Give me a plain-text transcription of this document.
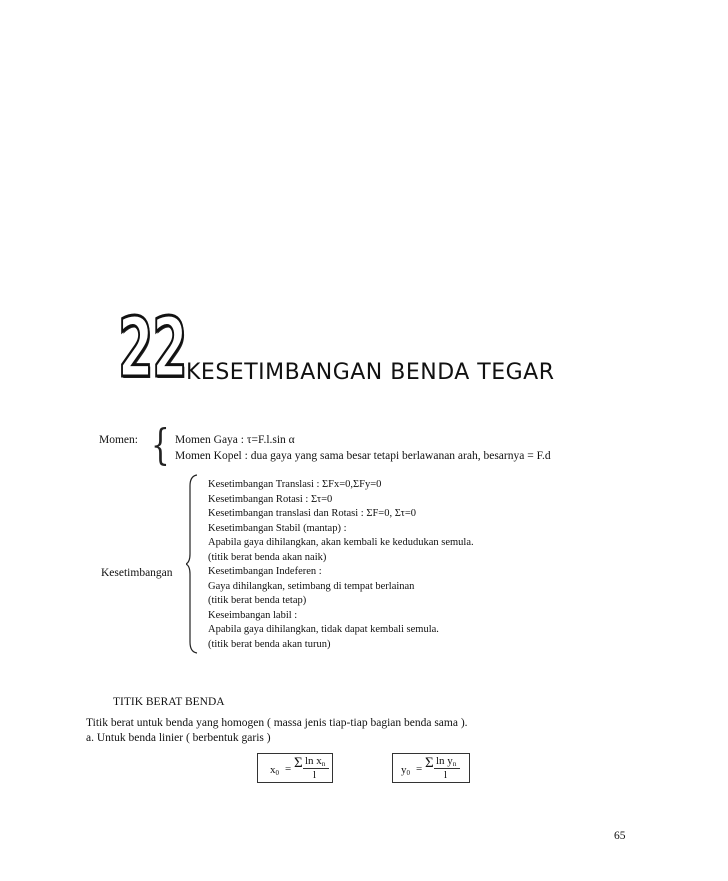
22 KESETIMBANGAN BENDA TEGAR
Momen: { Momen Gaya : τ=F.l.sin α
Momen Kopel : dua gaya yang sama besar tetapi berlawanan arah, besarnya = F.d
Kesetimbangan
Kesetimbangan Translasi : ΣFx=0,ΣFy=0
Kesetimbangan Rotasi : Στ=0
Kesetimbangan translasi dan Rotasi : ΣF=0, Στ=0
Kesetimbangan Stabil (mantap) :
Apabila gaya dihilangkan, akan kembali ke kedudukan semula.
(titik berat benda akan naik)
Kesetimbangan Indeferen :
Gaya dihilangkan, setimbang di tempat berlainan
(titik berat benda tetap)
Keseimbangan labil :
Apabila gaya dihilangkan, tidak dapat kembali semula.
(titik berat benda akan turun)
TITIK BERAT BENDA
Titik berat untuk benda yang homogen ( massa jenis tiap-tiap bagian benda sama ).
a. Untuk benda linier ( berbentuk garis )
$x_0 = \Sigma$ $\ln x_n$
l	$y_0 = \Sigma$ $\ln y_n$
l
65
